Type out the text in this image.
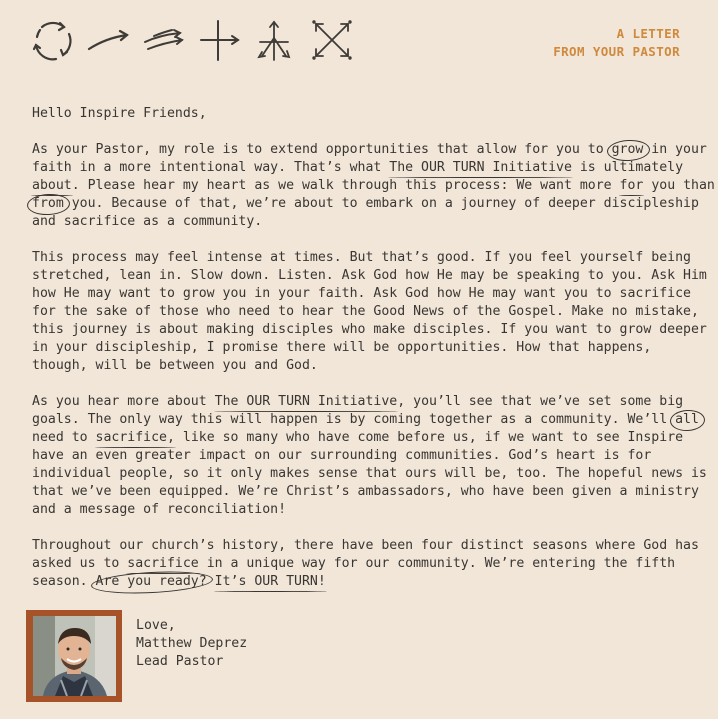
A LETTER
FROM YOUR PASTOR

Hello Inspire Friends,

As your Pastor, my role is to extend opportunities that allow for you to grow in your
faith in a more intentional way. That’s what The OUR TURN Initiative is ultimately
about. Please hear my heart as we walk through this process: We want more for you than
from you. Because of that, we’re about to embark on a journey of deeper discipleship
and sacrifice as a community.

This process may feel intense at times. But that’s good. If you feel yourself being
stretched, lean in. Slow down. Listen. Ask God how He may be speaking to you. Ask Him
how He may want to grow you in your faith. Ask God how He may want you to sacrifice
for the sake of those who need to hear the Good News of the Gospel. Make no mistake,
this journey is about making disciples who make disciples. If you want to grow deeper
in your discipleship, I promise there will be opportunities. How that happens,
though, will be between you and God.

As you hear more about The OUR TURN Initiative, you’ll see that we’ve set some big
goals. The only way this will happen is by coming together as a community. We’ll all
need to sacrifice, like so many who have come before us, if we want to see Inspire
have an even greater impact on our surrounding communities. God’s heart is for
individual people, so it only makes sense that ours will be, too. The hopeful news is
that we’ve been equipped. We’re Christ’s ambassadors, who have been given a ministry
and a message of reconciliation!

Throughout our church’s history, there have been four distinct seasons where God has
asked us to sacrifice in a unique way for our community. We’re entering the fifth
season. Are you ready? It’s OUR TURN!

Love,
Matthew Deprez
Lead Pastor
